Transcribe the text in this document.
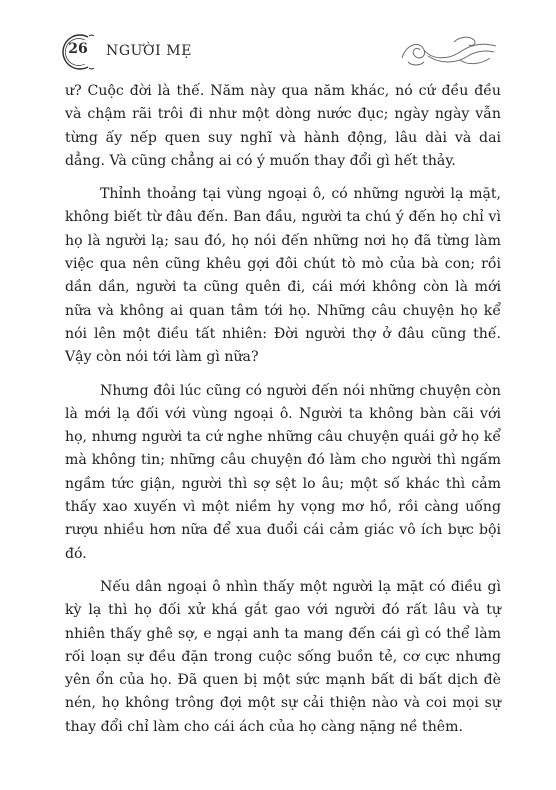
26	NGƯỜI MẸ

ư? Cuộc đời là thế. Năm này qua năm khác, nó cứ đều đều và chậm rãi trôi đi như một dòng nước đục; ngày ngày vẫn từng ấy nếp quen suy nghĩ và hành động, lâu dài và dai dẳng. Và cũng chẳng ai có ý muốn thay đổi gì hết thảy.

Thỉnh thoảng tại vùng ngoại ô, có những người lạ mặt, không biết từ đâu đến. Ban đầu, người ta chú ý đến họ chỉ vì họ là người lạ; sau đó, họ nói đến những nơi họ đã từng làm việc qua nên cũng khêu gợi đôi chút tò mò của bà con; rồi dần dần, người ta cũng quên đi, cái mới không còn là mới nữa và không ai quan tâm tới họ. Những câu chuyện họ kể nói lên một điều tất nhiên: Đời người thợ ở đâu cũng thế. Vậy còn nói tới làm gì nữa?

Nhưng đôi lúc cũng có người đến nói những chuyện còn là mới lạ đối với vùng ngoại ô. Người ta không bàn cãi với họ, nhưng người ta cứ nghe những câu chuyện quái gở họ kể mà không tin; những câu chuyện đó làm cho người thì ngấm ngầm tức giận, người thì sợ sệt lo âu; một số khác thì cảm thấy xao xuyến vì một niềm hy vọng mơ hồ, rồi càng uống rượu nhiều hơn nữa để xua đuổi cái cảm giác vô ích bực bội đó.

Nếu dân ngoại ô nhìn thấy một người lạ mặt có điều gì kỳ lạ thì họ đối xử khá gắt gao với người đó rất lâu và tự nhiên thấy ghê sợ, e ngại anh ta mang đến cái gì có thể làm rối loạn sự đều đặn trong cuộc sống buồn tẻ, cơ cực nhưng yên ổn của họ. Đã quen bị một sức mạnh bất di bất dịch đè nén, họ không trông đợi một sự cải thiện nào và coi mọi sự thay đổi chỉ làm cho cái ách của họ càng nặng nề thêm.
